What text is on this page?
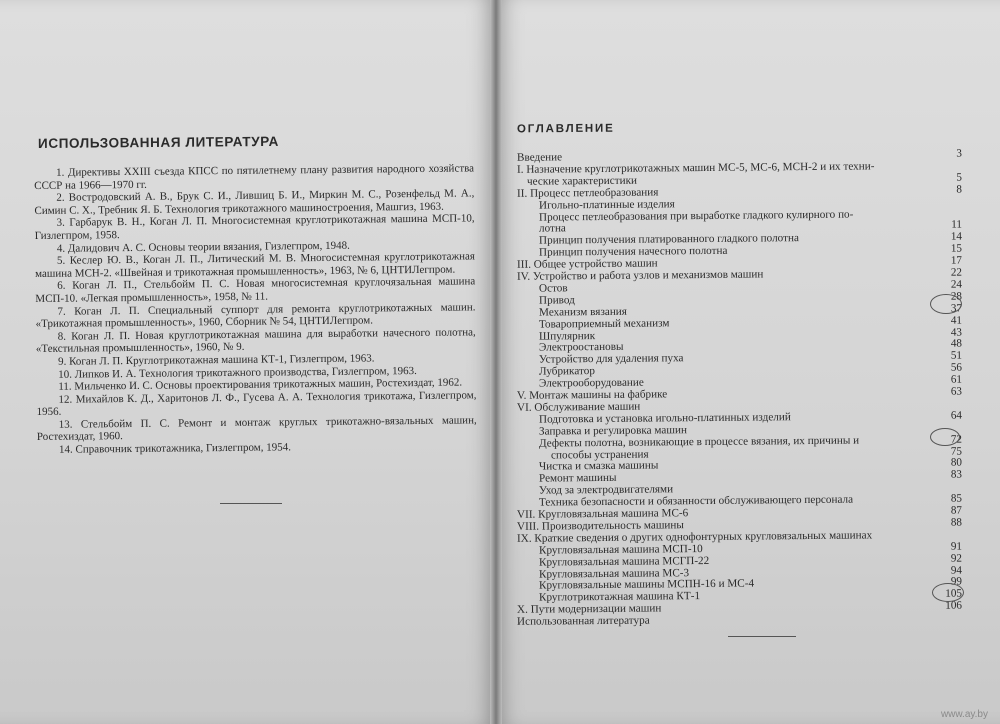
ИСПОЛЬЗОВАННАЯ ЛИТЕРАТУРА

1. Директивы XXIII съезда КПСС по пятилетнему плану развития народного хозяйства СССР на 1966—1970 гг.

2. Востродовский А. В., Брук С. И., Лившиц Б. И., Миркин М. С., Розенфельд М. А., Симин С. Х., Требник Я. Б. Технология трикотажного машиностроения, Машгиз, 1963.

3. Гарбарук В. Н., Коган Л. П. Многосистемная круглотрикотажная машина МСП-10, Гизлегпром, 1958.

4. Далидович А. С. Основы теории вязания, Гизлегпром, 1948.

5. Кеслер Ю. В., Коган Л. П., Литический М. В. Многосистемная круглотрикотажная машина МСН-2. «Швейная и трикотажная промышленность», 1963, № 6, ЦНТИЛегпром.

6. Коган Л. П., Стельбойм П. С. Новая многосистемная круглочязальная машина МСП-10. «Легкая промышленность», 1958, № 11.

7. Коган Л. П. Специальный суппорт для ремонта круглотрикотажных машин. «Трикотажная промышленность», 1960, Сборник № 54, ЦНТИЛегпром.

8. Коган Л. П. Новая круглотрикотажная машина для выработки начесного полотна, «Текстильная промышленность», 1960, № 9.

9. Коган Л. П. Круглотрикотажная машина КТ-1, Гизлегпром, 1963.

10. Липков И. А. Технология трикотажного производства, Гизлегпром, 1963.

11. Мильченко И. С. Основы проектирования трикотажных машин, Ростехиздат, 1962.

12. Михайлов К. Д., Харитонов Л. Ф., Гусева А. А. Технология трикотажа, Гизлегпром, 1956.

13. Стельбойм П. С. Ремонт и монтаж круглых трикотажно-вязальных машин, Ростехиздат, 1960.

14. Справочник трикотажника, Гизлегпром, 1954.

ОГЛАВЛЕНИЕ
Введение	3
I. Назначение круглотрикотажных машин МС-5, МС-6, МСН-2 и их техни-
ческие характеристики	5
II. Процесс петлеобразования	8
Игольно-платинные изделия
Процесс петлеобразования при выработке гладкого кулирного по-
лотна	11
Принцип получения платированного гладкого полотна	14
Принцип получения начесного полотна	15
III. Общее устройство машин	17
IV. Устройство и работа узлов и механизмов машин	22
Остов	24
Привод	28
Механизм вязания	37
Товароприемный механизм	41
Шпулярник	43
Электроостановы	48
Устройство для удаления пуха	51
Лубрикатор	56
Электрооборудование	61
V. Монтаж машины на фабрике	63
VI. Обслуживание машин
Подготовка и установка игольно-платинных изделий	64
Заправка и регулировка машин
Дефекты полотна, возникающие в процессе вязания, их причины и	72
способы устранения	75
Чистка и смазка машины	80
Ремонт машины	83
Уход за электродвигателями
Техника безопасности и обязанности обслуживающего персонала	85
VII. Кругловязальная машина МС-6	87
VIII. Производительность машины	88
IX. Краткие сведения о других однофонтурных кругловязальных машинах
Кругловязальная машина МСП-10	91
Кругловязальная машина МСГП-22	92
Кругловязальная машина МС-3	94
Кругловязальные машины МСПН-16 и МС-4	99
Круглотрикотажная машина КТ-1	105
X. Пути модернизации машин	106
Использованная литература
www.ay.by
